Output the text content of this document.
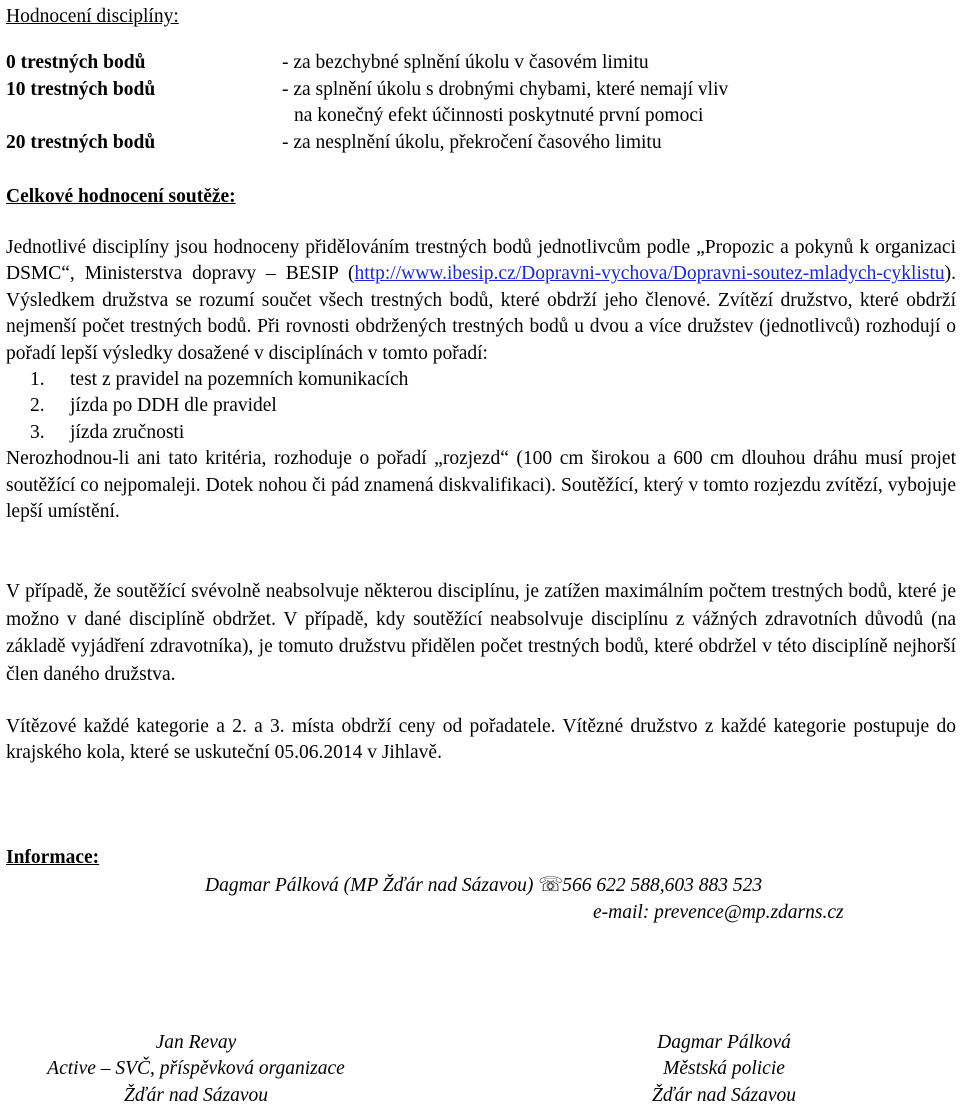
Hodnocení disciplíny:
0 trestných bodů	- za bezchybné splnění úkolu v časovém limitu
10 trestných bodů	- za splnění úkolu s drobnými chybami, které nemají vliv
na konečný efekt účinnosti poskytnuté první pomoci
20 trestných bodů	- za nesplnění úkolu, překročení časového limitu
Celkové hodnocení soutěže:

Jednotlivé disciplíny jsou hodnoceny přidělováním trestných bodů jednotlivcům podle „Propozic a pokynů k organizaci DSMC“, Ministerstva dopravy – BESIP (http://www.ibesip.cz/Dopravni-vychova/Dopravni-soutez-mladych-cyklistu). Výsledkem družstva se rozumí součet všech trestných bodů, které obdrží jeho členové. Zvítězí družstvo, které obdrží nejmenší počet trestných bodů. Při rovnosti obdržených trestných bodů u dvou a více družstev (jednotlivců) rozhodují o pořadí lepší výsledky dosažené v disciplínách v tomto pořadí:

1.	test z pravidel na pozemních komunikacích
2.	jízda po DDH dle pravidel
3.	jízda zručnosti

Nerozhodnou-li ani tato kritéria, rozhoduje o pořadí „rozjezd“ (100 cm širokou a 600 cm dlouhou dráhu musí projet soutěžící co nejpomaleji. Dotek nohou či pád znamená diskvalifikaci). Soutěžící, který v tomto rozjezdu zvítězí, vybojuje lepší umístění.

V případě, že soutěžící svévolně neabsolvuje některou disciplínu, je zatížen maximálním počtem trestných bodů, které je možno v dané disciplíně obdržet. V případě, kdy soutěžící neabsolvuje disciplínu z vážných zdravotních důvodů (na základě vyjádření zdravotníka), je tomuto družstvu přidělen počet trestných bodů, které obdržel v této disciplíně nejhorší člen daného družstva.
Vítězové každé kategorie a 2. a 3. místa obdrží ceny od pořadatele. Vítězné družstvo z každé kategorie postupuje do krajského kola, které se uskuteční 05.06.2014 v Jihlavě.
Informace:
Dagmar Pálková (MP Žďár nad Sázavou) ☏566 622 588,603 883 523
e-mail: prevence@mp.zdarns.cz
Jan Revay
Active – SVČ, příspěvková organizace
Žďár nad Sázavou
Dagmar Pálková
Městská policie
Žďár nad Sázavou
